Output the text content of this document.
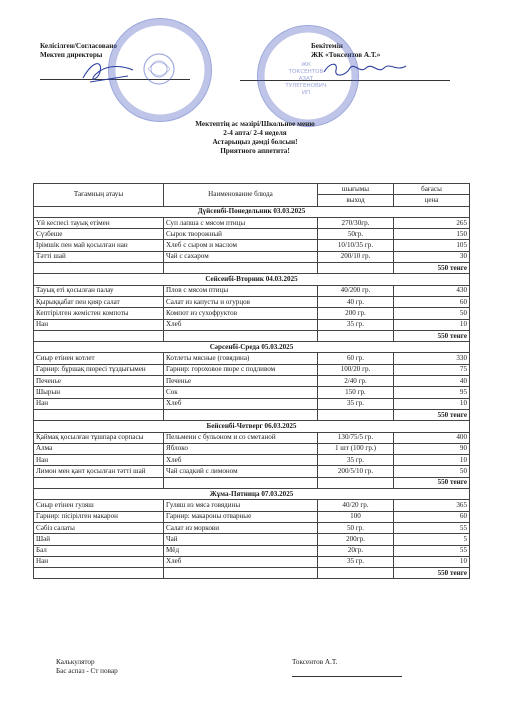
Келісілген/Согласовано
Мектеп директоры
Бекітемін
ЖК «Токсентов А.Т.»
ЖК
ТОКСЕНТОВ
АЗАТ
ТУЛЕГЕНОВИЧ
ИП
Мектептің ас мәзірі/Школьное меню
2-4 апта/ 2-4 неделя
Астарыңыз дәмді болсын!
Приятного аппетита!
Тағамның атауы	Наименование блюда	шығымы	бағасы
		выход	цена
Дүйсенбі-Понедельник 03.03.2025			
Үй кеспесі тауық етімен	Суп лапша с мясом птицы	270/30гр.	265
Сүзбеше	Сырок творожный	50гр.	150
Ірімшік пен май қосылған нан	Хлеб с сыром и маслом	10/10/35 гр.	105
Тәтті шай	Чай с сахаром	200/10 гр.	30
			550 тенге
Сейсенбі-Вторник 04.03.2025			
Тауық еті қосылған палау	Плов с мясом птицы	40/200 гр.	430
Қырыққабат пен қияр салат	Салат из капусты и огурцов	40 гр.	60
Кептірілген жемістен компоты	Компот из сухофруктов	200 гр.	50
Нан	Хлеб	35 гр.	10
			550 тенге
Сәрсенбі-Среда 05.03.2025			
Сиыр етінен котлет	Котлеты мясные (говядина)	60 гр.	330
Гарнир: бұршақ пюресі тұздығымен	Гарнир: гороховое пюре с подливом	100/20 гр.	75
Печенье	Печенье	2/40 гр.	40
Шырын	Сок	150 гр.	95
Нан	Хлеб	35 гр.	10
			550 тенге
Бейсенбі-Четверг 06.03.2025			
Қаймақ қосылған тұшпара сорпасы	Пельмени с бульоном и со сметаной	130/75/5 гр.	400
Алма	Яблоко	1 шт (100 гр.)	90
Нан	Хлеб	35 гр.	10
Лимон мен қант қосылған тәтті шай	Чай сладкий с лимоном	200/5/10 гр.	50
			550 тенге
Жұма-Пятница 07.03.2025			
Сиыр етінен гуляш	Гуляш из мяса говядины	40/20 гр.	365
Гарнир: пісірілген макарон	Гарнир: макароны отварные	100	60
Сәбіз салаты	Салат из моркови	50 гр.	55
Шәй	Чай	200гр.	5
Бал	Мёд	20гр.	55
Нан	Хлеб	35 гр.	10
			550 тенге
Калькулятор
Бас аспаз - Ст повар
Токсентов А.Т.
